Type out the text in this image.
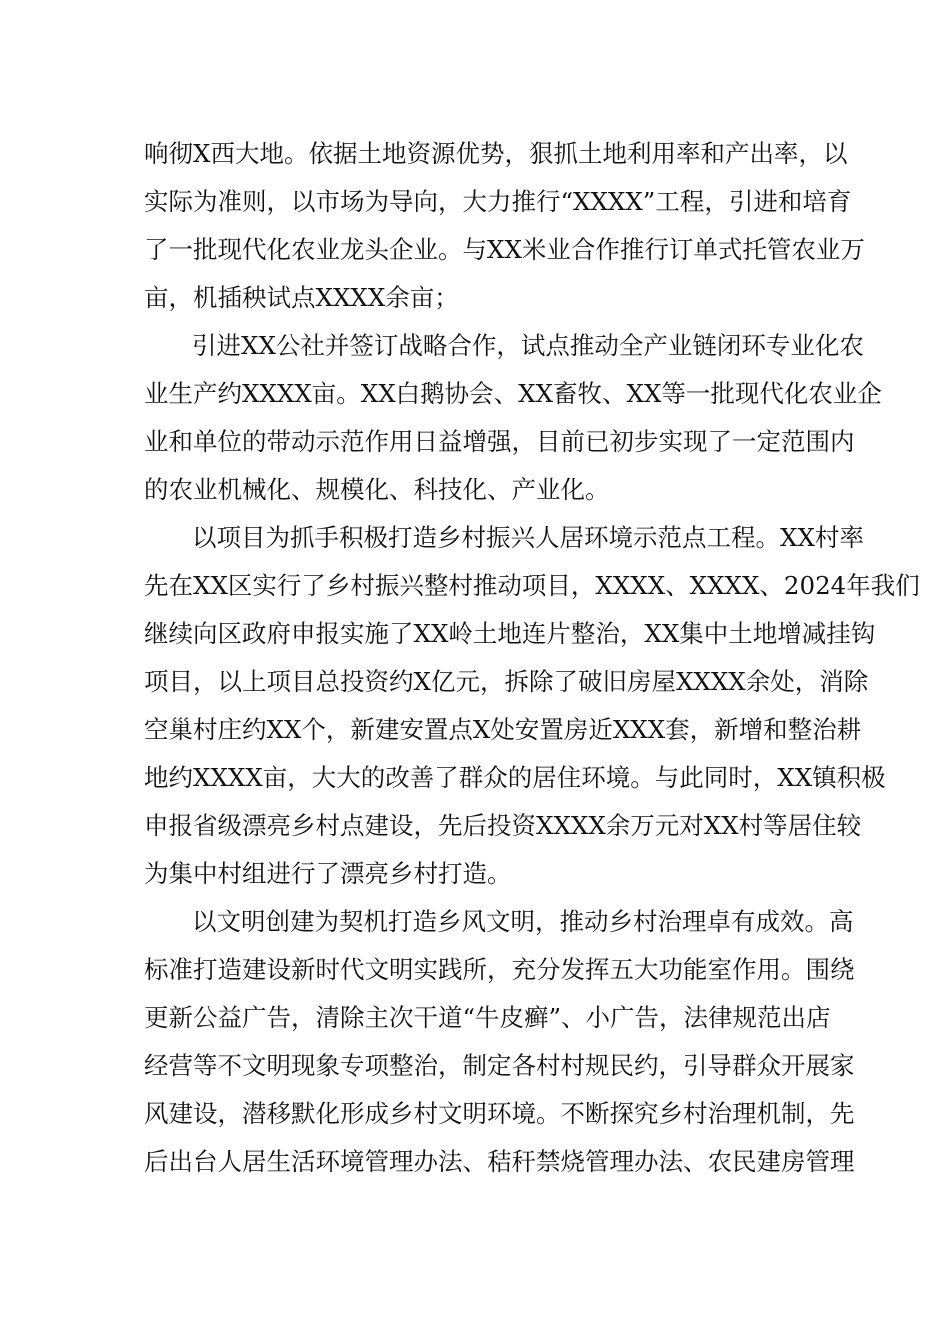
响彻X西大地。依据土地资源优势，狠抓土地利用率和产出率，以
实际为准则，以市场为导向，大力推行“XXXX”工程，引进和培育
了一批现代化农业龙头企业。与XX米业合作推行订单式托管农业万
亩，机插秧试点XXXX余亩；
引进XX公社并签订战略合作，试点推动全产业链闭环专业化农
业生产约XXXX亩。XX白鹅协会、XX畜牧、XX等一批现代化农业企
业和单位的带动示范作用日益增强，目前已初步实现了一定范围内
的农业机械化、规模化、科技化、产业化。
以项目为抓手积极打造乡村振兴人居环境示范点工程。XX村率
先在XX区实行了乡村振兴整村推动项目，XXXX、XXXX、2024年我们
继续向区政府申报实施了XX岭土地连片整治，XX集中土地增减挂钩
项目，以上项目总投资约X亿元，拆除了破旧房屋XXXX余处，消除
空巢村庄约XX个，新建安置点X处安置房近XXX套，新增和整治耕
地约XXXX亩，大大的改善了群众的居住环境。与此同时，XX镇积极
申报省级漂亮乡村点建设，先后投资XXXX余万元对XX村等居住较
为集中村组进行了漂亮乡村打造。
以文明创建为契机打造乡风文明，推动乡村治理卓有成效。高
标准打造建设新时代文明实践所，充分发挥五大功能室作用。围绕
更新公益广告，清除主次干道“牛皮癣”、小广告，法律规范出店
经营等不文明现象专项整治，制定各村村规民约，引导群众开展家
风建设，潜移默化形成乡村文明环境。不断探究乡村治理机制，先
后出台人居生活环境管理办法、秸秆禁烧管理办法、农民建房管理
